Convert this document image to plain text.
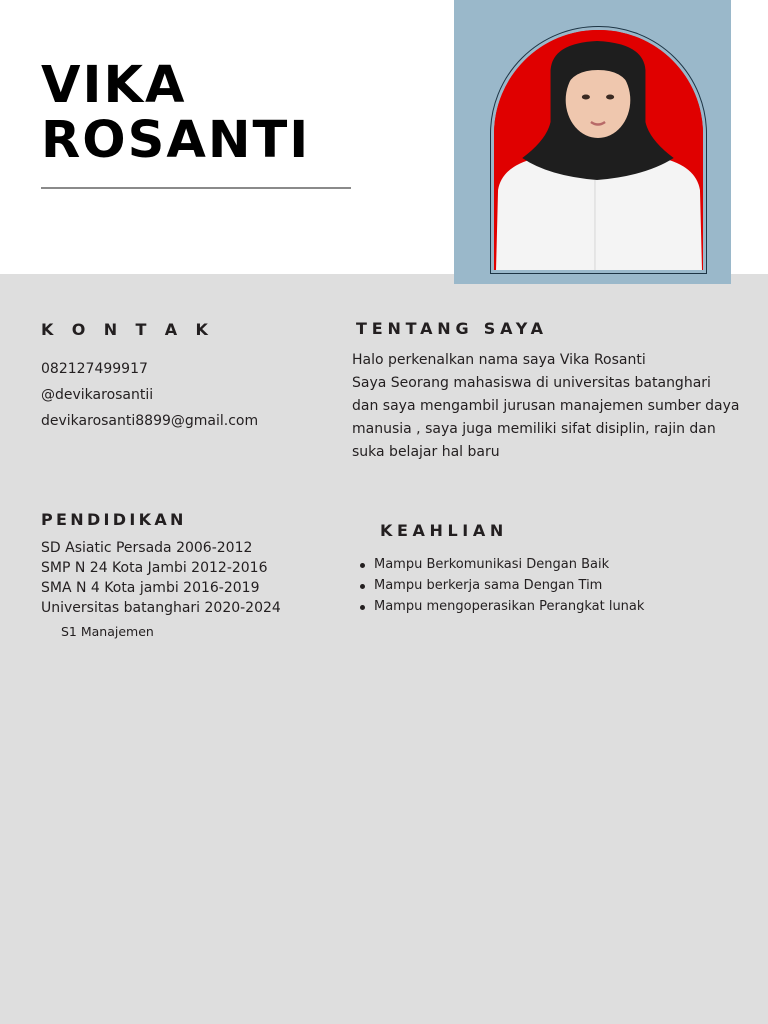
VIKA
ROSANTI
K O N T A K
082127499917
@devikarosantii
devikarosanti8899@gmail.com
TENTANG SAYA
Halo perkenalkan nama saya Vika Rosanti
Saya Seorang mahasiswa di universitas batanghari
dan saya mengambil jurusan manajemen sumber daya
manusia , saya juga memiliki sifat disiplin, rajin dan
suka belajar hal baru
PENDIDIKAN
SD Asiatic Persada 2006-2012
SMP N 24 Kota Jambi 2012-2016
SMA N 4 Kota jambi 2016-2019
Universitas batanghari 2020-2024
S1 Manajemen
KEAHLIAN
Mampu Berkomunikasi Dengan Baik
Mampu berkerja sama Dengan Tim
Mampu mengoperasikan Perangkat lunak
